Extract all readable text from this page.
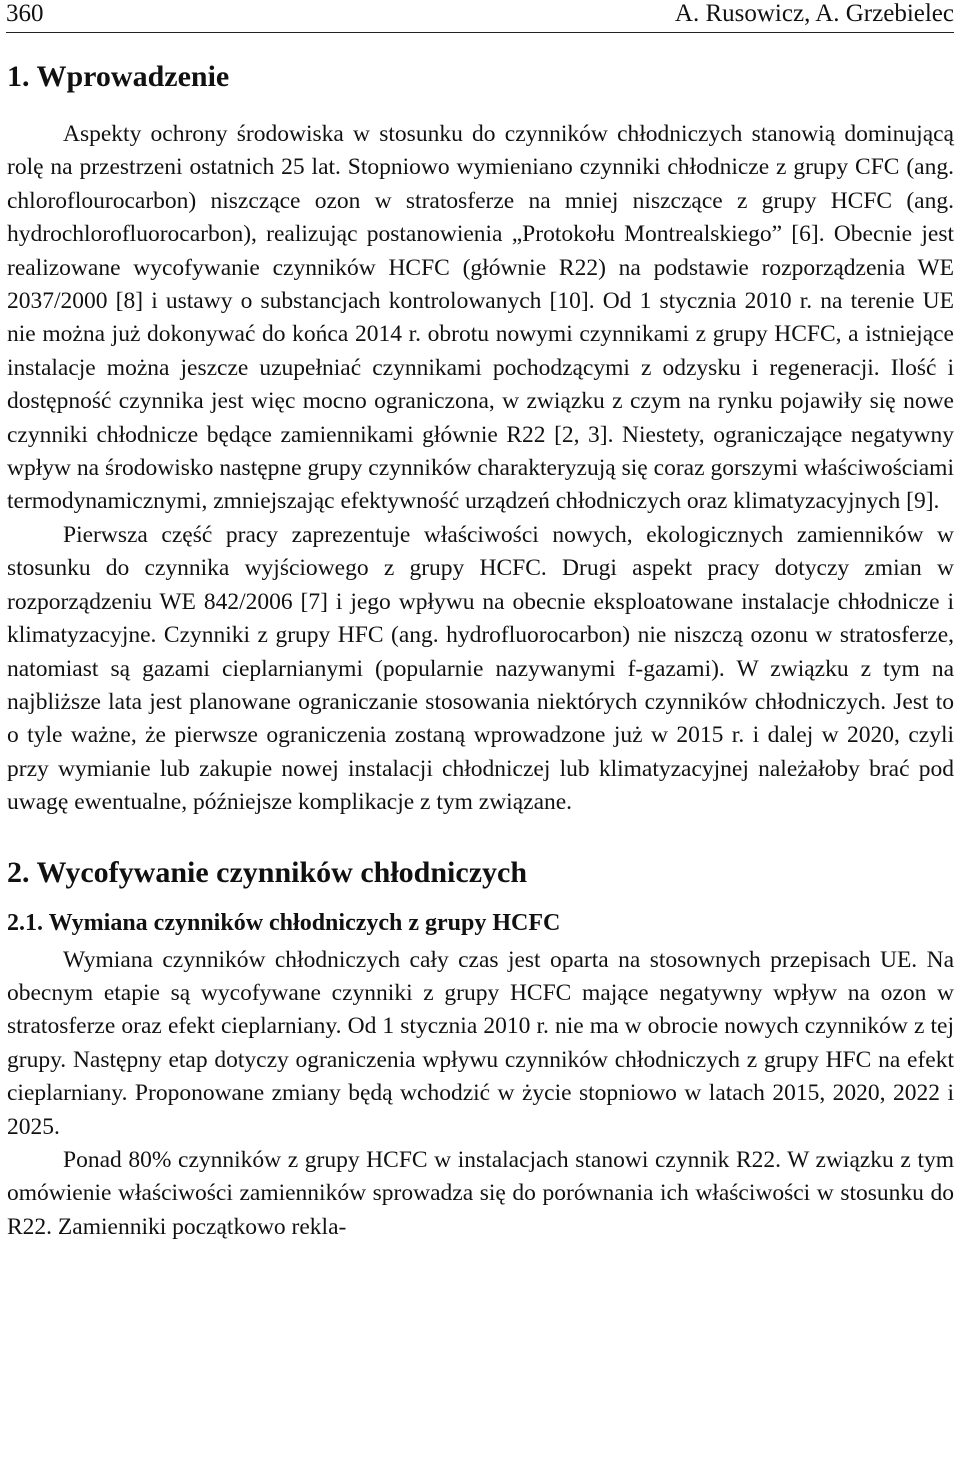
360	A. Rusowicz, A. Grzebielec
1. Wprowadzenie

Aspekty ochrony środowiska w stosunku do czynników chłodniczych stanowią dominującą rolę na przestrzeni ostatnich 25 lat. Stopniowo wymieniano czynniki chłodnicze z grupy CFC (ang. chloroflourocarbon) niszczące ozon w stratosferze na mniej niszczące z grupy HCFC (ang. hydrochlorofluorocarbon), realizując postanowienia „Protokołu Montrealskiego” [6]. Obecnie jest realizowane wycofywanie czynników HCFC (głównie R22) na podstawie rozporządzenia WE 2037/2000 [8] i ustawy o substancjach kontrolowanych [10]. Od 1 stycznia 2010 r. na terenie UE nie można już dokonywać do końca 2014 r. obrotu nowymi czynnikami z grupy HCFC, a istniejące instalacje można jeszcze uzupełniać czynnikami pochodzącymi z odzysku i regeneracji. Ilość i dostępność czynnika jest więc mocno ograniczona, w związku z czym na rynku pojawiły się nowe czynniki chłodnicze będące zamiennikami głównie R22 [2, 3]. Niestety, ograniczające negatywny wpływ na środowisko następne grupy czynników charakteryzują się coraz gorszymi właściwościami termodynamicznymi, zmniejszając efektywność urządzeń chłodniczych oraz klimatyzacyjnych [9].

Pierwsza część pracy zaprezentuje właściwości nowych, ekologicznych zamienników w stosunku do czynnika wyjściowego z grupy HCFC. Drugi aspekt pracy dotyczy zmian w rozporządzeniu WE 842/2006 [7] i jego wpływu na obecnie eksploatowane instalacje chłodnicze i klimatyzacyjne. Czynniki z grupy HFC (ang. hydrofluorocarbon) nie niszczą ozonu w stratosferze, natomiast są gazami cieplarnianymi (popularnie nazywanymi f-gazami). W związku z tym na najbliższe lata jest planowane ograniczanie stosowania niektórych czynników chłodniczych. Jest to o tyle ważne, że pierwsze ograniczenia zostaną wprowadzone już w 2015 r. i dalej w 2020, czyli przy wymianie lub zakupie nowej instalacji chłodniczej lub klimatyzacyjnej należałoby brać pod uwagę ewentualne, późniejsze komplikacje z tym związane.

2. Wycofywanie czynników chłodniczych
2.1. Wymiana czynników chłodniczych z grupy HCFC

Wymiana czynników chłodniczych cały czas jest oparta na stosownych przepisach UE. Na obecnym etapie są wycofywane czynniki z grupy HCFC mające negatywny wpływ na ozon w stratosferze oraz efekt cieplarniany. Od 1 stycznia 2010 r. nie ma w obrocie nowych czynników z tej grupy. Następny etap dotyczy ograniczenia wpływu czynników chłodniczych z grupy HFC na efekt cieplarniany. Proponowane zmiany będą wchodzić w życie stopniowo w latach 2015, 2020, 2022 i 2025.

Ponad 80% czynników z grupy HCFC w instalacjach stanowi czynnik R22. W związku z tym omówienie właściwości zamienników sprowadza się do porównania ich właściwości w stosunku do R22. Zamienniki początkowo rekla-
